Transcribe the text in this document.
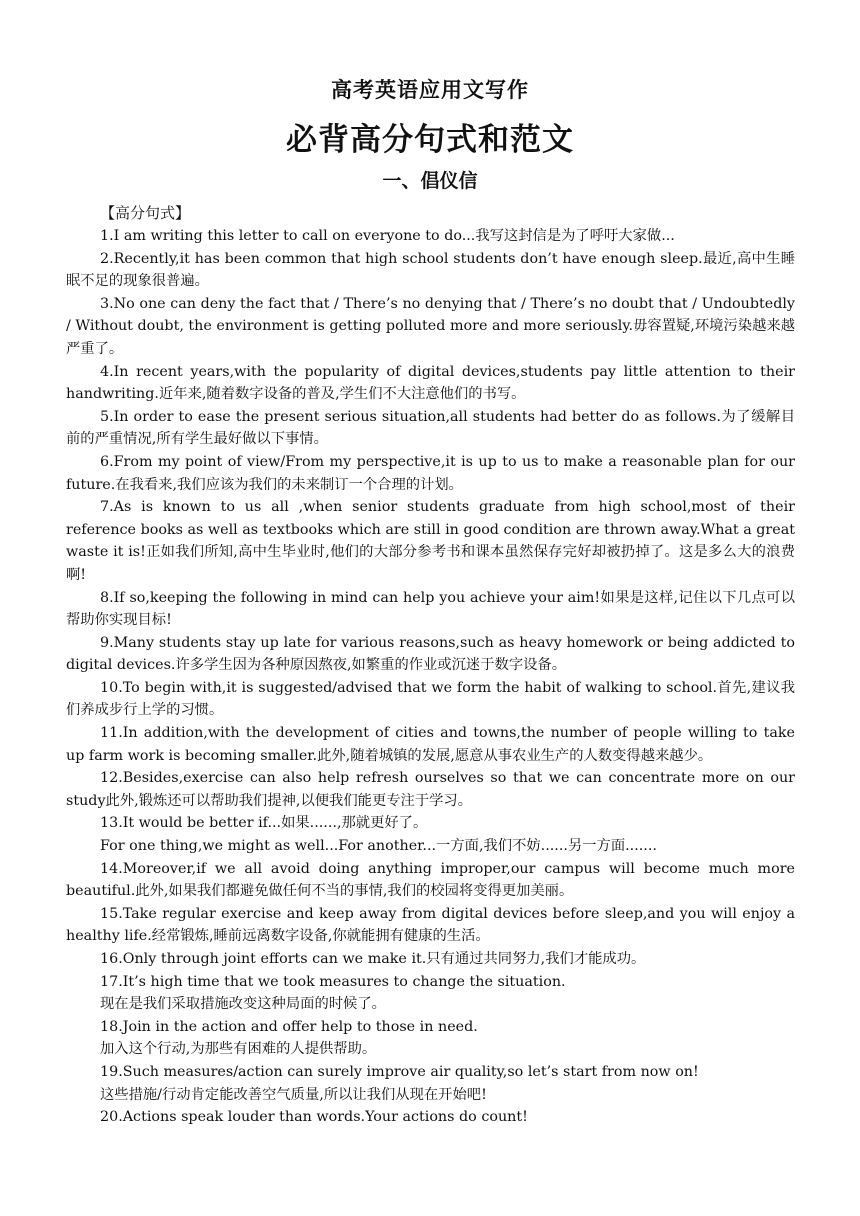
高考英语应用文写作
必背高分句式和范文
一、倡仪信
【高分句式】

1.I am writing this letter to call on everyone to do...我写这封信是为了呼吁大家做...

2.Recently,it has been common that high school students don’t have enough sleep.最近,高中生睡眠不足的现象很普遍。

3.No one can deny the fact that / There’s no denying that / There’s no doubt that / Undoubtedly / Without doubt, the environment is getting polluted more and more seriously.毋容置疑,环境污染越来越严重了。

4.In recent years,with the popularity of digital devices,students pay little attention to their handwriting.近年来,随着数字设备的普及,学生们不大注意他们的书写。

5.In order to ease the present serious situation,all students had better do as follows.为了缓解目前的严重情况,所有学生最好做以下事情。

6.From my point of view/From my perspective,it is up to us to make a reasonable plan for our future.在我看来,我们应该为我们的未来制订一个合理的计划。

7.As is known to us all ,when senior students graduate from high school,most of their reference books as well as textbooks which are still in good condition are thrown away.What a great waste it is!正如我们所知,高中生毕业时,他们的大部分参考书和课本虽然保存完好却被扔掉了。这是多么大的浪费啊!

8.If so,keeping the following in mind can help you achieve your aim!如果是这样,记住以下几点可以帮助你实现目标!

9.Many students stay up late for various reasons,such as heavy homework or being addicted to digital devices.许多学生因为各种原因熬夜,如繁重的作业或沉迷于数字设备。

10.To begin with,it is suggested/advised that we form the habit of walking to school.首先,建议我们养成步行上学的习惯。

11.In addition,with the development of cities and towns,the number of people willing to take up farm work is becoming smaller.此外,随着城镇的发展,愿意从事农业生产的人数变得越来越少。

12.Besides,exercise can also help refresh ourselves so that we can concentrate more on our study此外,锻炼还可以帮助我们提神,以便我们能更专注于学习。

13.It would be better if...如果......,那就更好了。

For one thing,we might as well...For another...一方面,我们不妨......另一方面.......

14.Moreover,if we all avoid doing anything improper,our campus will become much more beautiful.此外,如果我们都避免做任何不当的事情,我们的校园将变得更加美丽。

15.Take regular exercise and keep away from digital devices before sleep,and you will enjoy a healthy life.经常锻炼,睡前远离数字设备,你就能拥有健康的生活。

16.Only through joint efforts can we make it.只有通过共同努力,我们才能成功。

17.It’s high time that we took measures to change the situation.

现在是我们采取措施改变这种局面的时候了。

18.Join in the action and offer help to those in need.

加入这个行动,为那些有困难的人提供帮助。

19.Such measures/action can surely improve air quality,so let’s start from now on!

这些措施/行动肯定能改善空气质量,所以让我们从现在开始吧!

20.Actions speak louder than words.Your actions do count!
